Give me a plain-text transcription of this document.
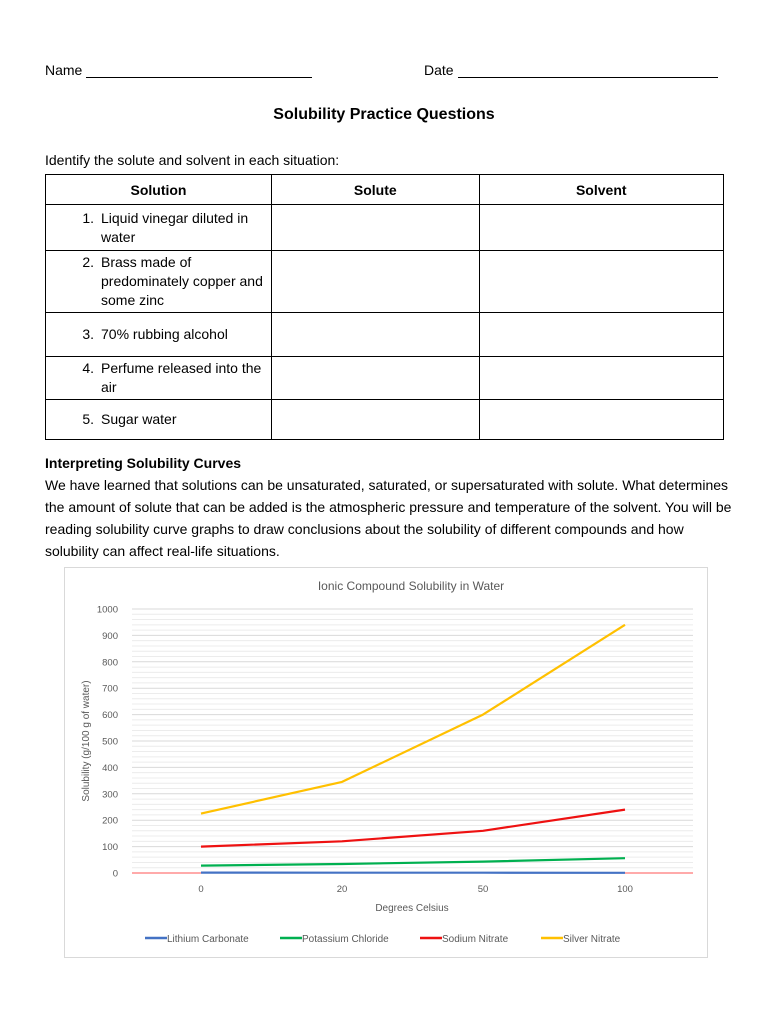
Name	Date
Solubility Practice Questions
Identify the solute and solvent in each situation:
Solution	Solute	Solvent

1. Liquid vinegar diluted in water		

2. Brass made of predominately copper and some zinc		

3. 70% rubbing alcohol		

4. Perfume released into the air		

5. Sugar water		

Interpreting Solubility Curves
We have learned that solutions can be unsaturated, saturated, or supersaturated with solute. What determines the amount of solute that can be added is the atmospheric pressure and temperature of the solvent. You will be reading solubility curve graphs to draw conclusions about the solubility of different compounds and how solubility can affect real-life situations.
0
100
200
300
400
500
600
700
800
900
1000
0	20	50	100
Ionic Compound Solubility in Water
Degrees Celsius
Solubility (g/100 g of water)
Lithium Carbonate	Potassium Chloride	Sodium Nitrate	Silver Nitrate
